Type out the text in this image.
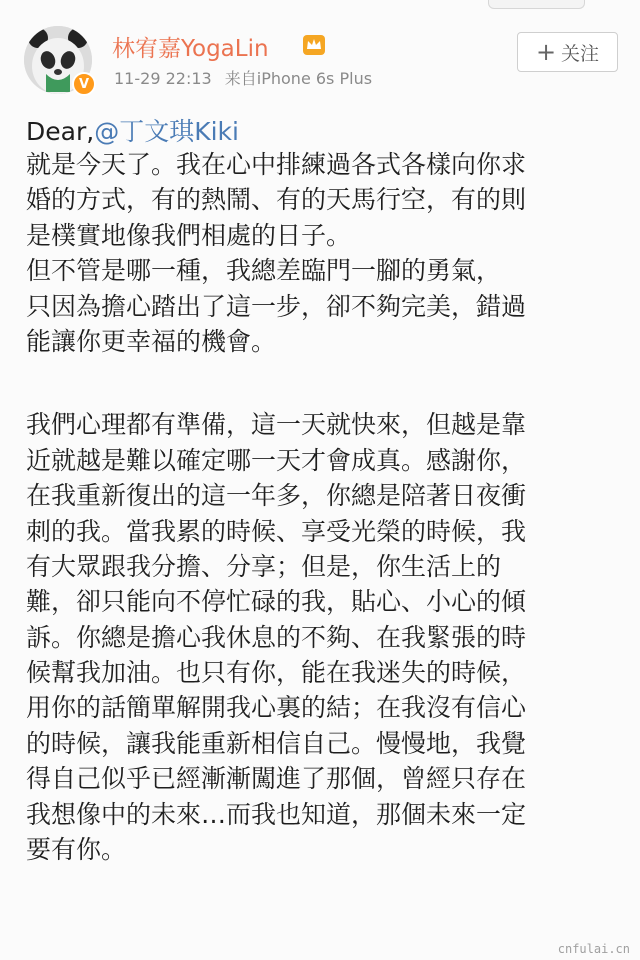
V
林宥嘉YogaLin
11-29 22:13 来自iPhone 6s Plus
+ 关注
Dear,@丁文琪Kiki
就是今天了。我在心中排練過各式各樣向你求
婚的方式，有的熱鬧、有的天馬行空，有的則
是樸實地像我們相處的日子。
但不管是哪一種，我總差臨門一腳的勇氣，
只因為擔心踏出了這一步，卻不夠完美，錯過
能讓你更幸福的機會。
我們心理都有準備，這一天就快來，但越是靠
近就越是難以確定哪一天才會成真。感謝你，
在我重新復出的這一年多，你總是陪著日夜衝
刺的我。當我累的時候、享受光榮的時候，我
有大眾跟我分擔、分享；但是，你生活上的
難，卻只能向不停忙碌的我，貼心、小心的傾
訴。你總是擔心我休息的不夠、在我緊張的時
候幫我加油。也只有你，能在我迷失的時候，
用你的話簡單解開我心裏的結；在我沒有信心
的時候，讓我能重新相信自己。慢慢地，我覺
得自己似乎已經漸漸闖進了那個，曾經只存在
我想像中的未來…而我也知道，那個未來一定
要有你。
cnfulai.cn
